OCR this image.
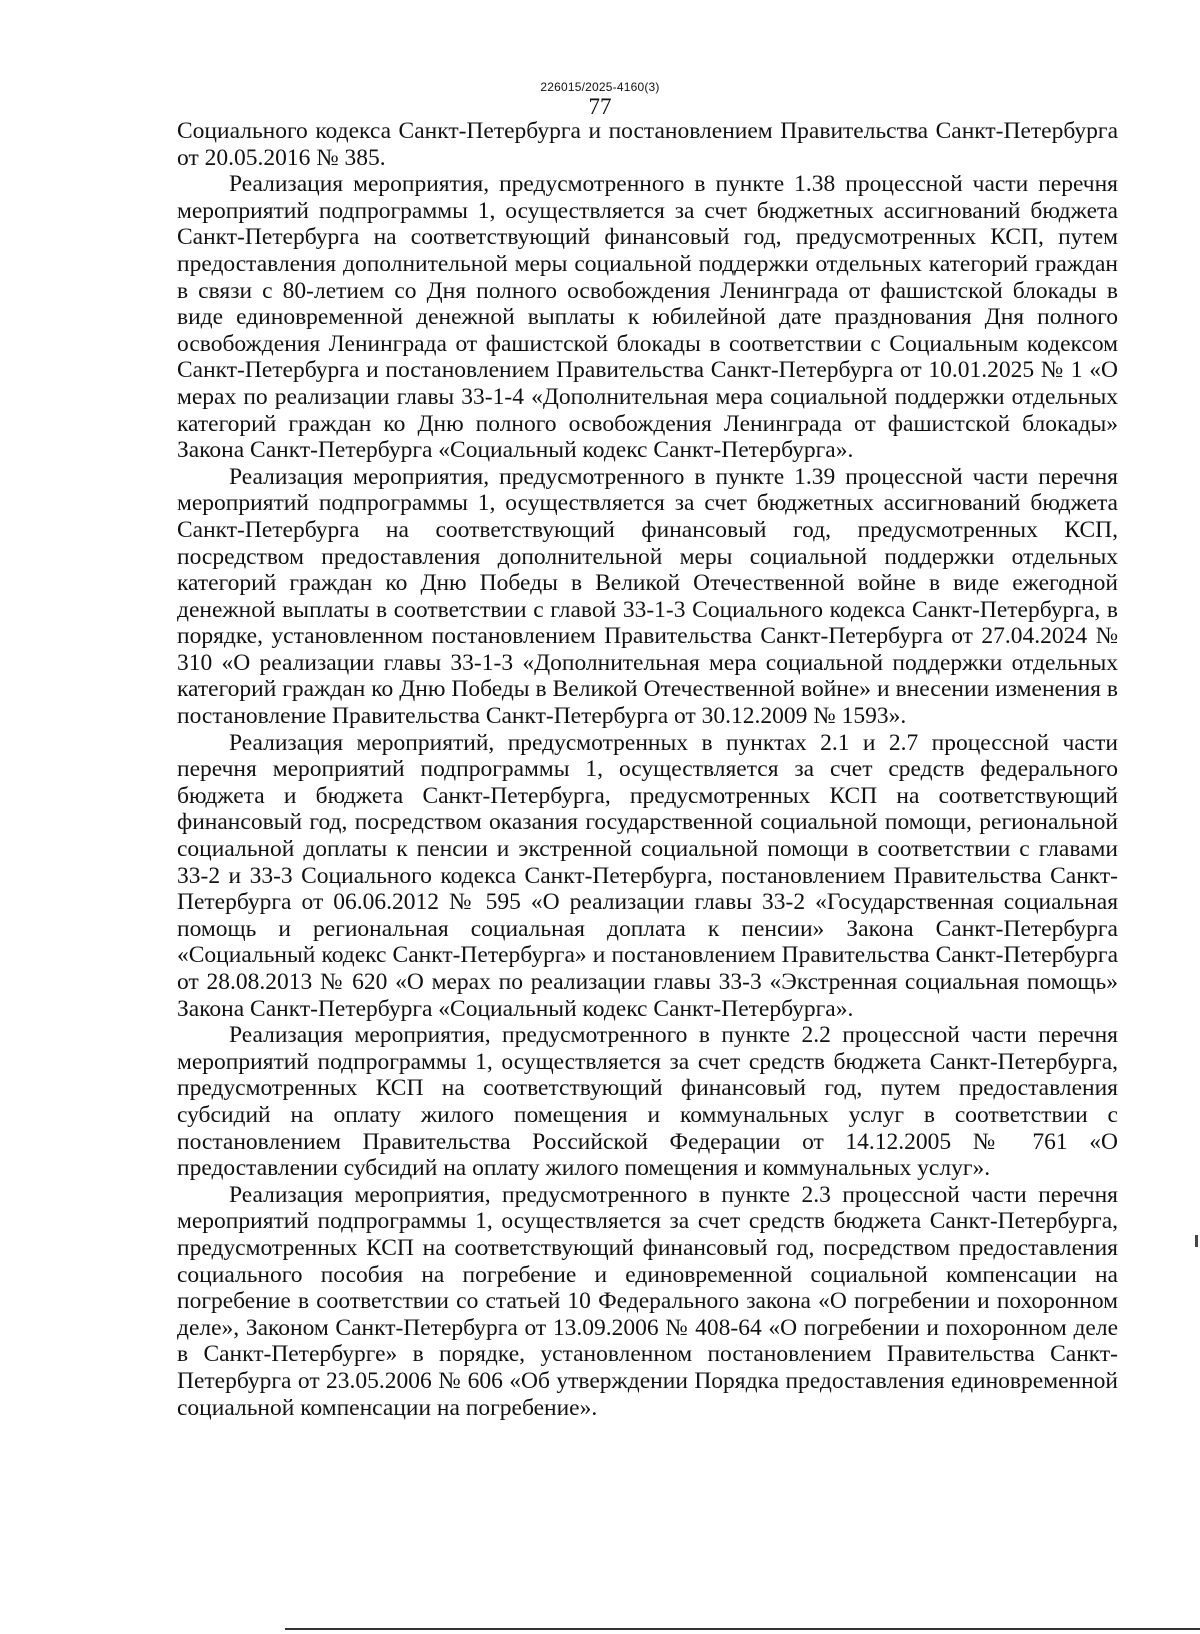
226015/2025-4160(3)
77

Социального кодекса Санкт-Петербурга и постановлением Правительства Санкт-Петербурга от 20.05.2016 № 385.

Реализация мероприятия, предусмотренного в пункте 1.38 процессной части перечня мероприятий подпрограммы 1, осуществляется за счет бюджетных ассигнований бюджета Санкт-Петербурга на соответствующий финансовый год, предусмотренных КСП, путем предоставления дополнительной меры социальной поддержки отдельных категорий граждан в связи с 80-летием со Дня полного освобождения Ленинграда от фашистской блокады в виде единовременной денежной выплаты к юбилейной дате празднования Дня полного освобождения Ленинграда от фашистской блокады в соответствии с Социальным кодексом Санкт-Петербурга и постановлением Правительства Санкт-Петербурга от 10.01.2025 № 1 «О мерах по реализации главы 33-1-4 «Дополнительная мера социальной поддержки отдельных категорий граждан ко Дню полного освобождения Ленинграда от фашистской блокады» Закона Санкт-Петербурга «Социальный кодекс Санкт-Петербурга».

Реализация мероприятия, предусмотренного в пункте 1.39 процессной части перечня мероприятий подпрограммы 1, осуществляется за счет бюджетных ассигнований бюджета Санкт-Петербурга на соответствующий финансовый год, предусмотренных КСП, посредством предоставления дополнительной меры социальной поддержки отдельных категорий граждан ко Дню Победы в Великой Отечественной войне в виде ежегодной денежной выплаты в соответствии с главой 33-1-3 Социального кодекса Санкт-Петербурга, в порядке, установленном постановлением Правительства Санкт-Петербурга от 27.04.2024 № 310 «О реализации главы 33-1-3 «Дополнительная мера социальной поддержки отдельных категорий граждан ко Дню Победы в Великой Отечественной войне» и внесении изменения в постановление Правительства Санкт-Петербурга от 30.12.2009 № 1593».

Реализация мероприятий, предусмотренных в пунктах 2.1 и 2.7 процессной части перечня мероприятий подпрограммы 1, осуществляется за счет средств федерального бюджета и бюджета Санкт-Петербурга, предусмотренных КСП на соответствующий финансовый год, посредством оказания государственной социальной помощи, региональной социальной доплаты к пенсии и экстренной социальной помощи в соответствии с главами 33-2 и 33-3 Социального кодекса Санкт-Петербурга, постановлением Правительства Санкт-Петербурга от 06.06.2012 № 595 «О реализации главы 33-2 «Государственная социальная помощь и региональная социальная доплата к пенсии» Закона Санкт-Петербурга «Социальный кодекс Санкт-Петербурга» и постановлением Правительства Санкт-Петербурга от 28.08.2013 № 620 «О мерах по реализации главы 33-3 «Экстренная социальная помощь» Закона Санкт-Петербурга «Социальный кодекс Санкт-Петербурга».

Реализация мероприятия, предусмотренного в пункте 2.2 процессной части перечня мероприятий подпрограммы 1, осуществляется за счет средств бюджета Санкт-Петербурга, предусмотренных КСП на соответствующий финансовый год, путем предоставления субсидий на оплату жилого помещения и коммунальных услуг в соответствии с постановлением Правительства Российской Федерации от 14.12.2005 № 761 «О предоставлении субсидий на оплату жилого помещения и коммунальных услуг».

Реализация мероприятия, предусмотренного в пункте 2.3 процессной части перечня мероприятий подпрограммы 1, осуществляется за счет средств бюджета Санкт-Петербурга, предусмотренных КСП на соответствующий финансовый год, посредством предоставления социального пособия на погребение и единовременной социальной компенсации на погребение в соответствии со статьей 10 Федерального закона «О погребении и похоронном деле», Законом Санкт-Петербурга от 13.09.2006 № 408-64 «О погребении и похоронном деле в Санкт-Петербурге» в порядке, установленном постановлением Правительства Санкт-Петербурга от 23.05.2006 № 606 «Об утверждении Порядка предоставления единовременной социальной компенсации на погребение».
